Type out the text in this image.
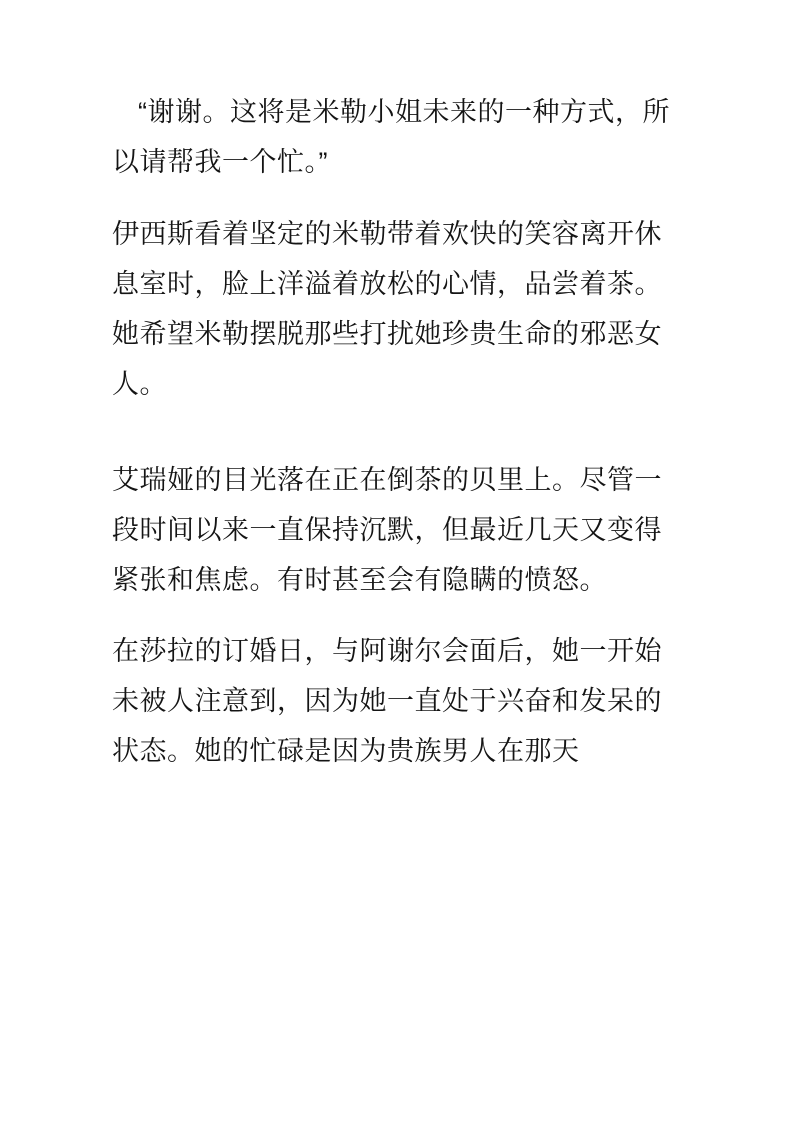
“谢谢。这将是米勒小姐未来的一种方式，所以请帮我一个忙。”

伊西斯看着坚定的米勒带着欢快的笑容离开休息室时，脸上洋溢着放松的心情，品尝着茶。 她希望米勒摆脱那些打扰她珍贵生命的邪恶女人。

艾瑞娅的目光落在正在倒茶的贝里上。尽管一段时间以来一直保持沉默，但最近几天又变得 紧张和焦虑。有时甚至会有隐瞒的愤怒。

在莎拉的订婚日，与阿谢尔会面后，她一开始未被人注意到，因为她一直处于兴奋和发呆的 状态。她的忙碌是因为贵族男人在那天
